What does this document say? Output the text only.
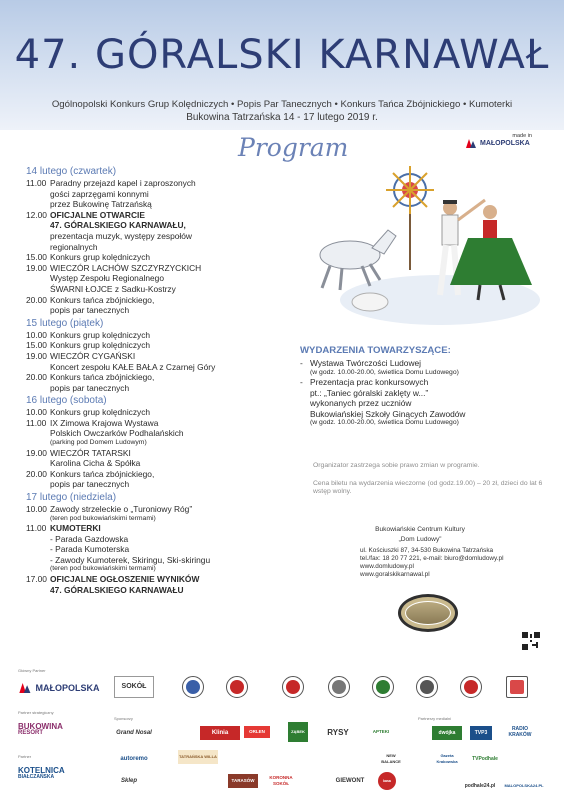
47. GÓRALSKI KARNAWAŁ
Ogólnopolski Konkurs Grup Kolędniczych • Popis Par Tanecznych • Konkurs Tańca Zbójnickiego • Kumoterki
Bukowina Tatrzańska 14 - 17 lutego 2019 r.
Program	made in
MAŁOPOLSKA
14 lutego (czwartek)
11.00 Paradny przejazd kapel i zaproszonych
gości zaprzęgami konnymi
przez Bukowinę Tatrzańską
12.00 OFICJALNE OTWARCIE
47. GÓRALSKIEGO KARNAWAŁU,
prezentacja muzyk, występy zespołów
regionalnych
15.00 Konkurs grup kolędniczych
19.00 WIECZÓR LACHÓW SZCZYRZYCKICH
Występ Zespołu Regionalnego
ŚWARNI ŁOJCE z Sadku-Kostrzy
20.00 Konkurs tańca zbójnickiego,
popis par tanecznych
15 lutego (piątek)
10.00 Konkurs grup kolędniczych
15.00 Konkurs grup kolędniczych
19.00 WIECZÓR CYGAŃSKI
Koncert zespołu KAŁE BAŁA z Czarnej Góry
20.00 Konkurs tańca zbójnickiego,
popis par tanecznych
16 lutego (sobota)
10.00 Konkurs grup kolędniczych
11.00 IX Zimowa Krajowa Wystawa
Polskich Owczarków Podhalańskich
(parking pod Domem Ludowym)
19.00 WIECZÓR TATARSKI
Karolina Cicha & Spółka
20.00 Konkurs tańca zbójnickiego,
popis par tanecznych
17 lutego (niedziela)
10.00 Zawody strzeleckie o „Turoniowy Róg”
(teren pod bukowiańskimi termami)
11.00 KUMOTERKI
- Parada Gazdowska
- Parada Kumoterska
- Zawody Kumoterek, Skiringu, Ski-skiringu
(teren pod bukowiańskimi termami)
17.00 OFICJALNE OGŁOSZENIE WYNIKÓW
47. GÓRALSKIEGO KARNAWAŁU
WYDARZENIA TOWARZYSZĄCE:
- Wystawa Twórczości Ludowej
(w godz. 10.00-20.00, świetlica Domu Ludowego)
- Prezentacja prac konkursowych
pt.: „Taniec góralski zaklęty w...”
wykonanych przez uczniów
Bukowiańskiej Szkoły Ginących Zawodów
(w godz. 10.00-20.00, świetlica Domu Ludowego)

Organizator zastrzega sobie prawo zmian w programie.

Cena biletu na wydarzenia wieczorne (od godz.19.00) – 20 zł, dzieci do lat 6 wstęp wolny.

Bukowiańskie Centrum Kultury
„Dom Ludowy”
ul. Kościuszki 87, 34-530 Bukowina Tatrzańska
tel./fax: 18 20 77 221, e-mail: biuro@domludowy.pl
www.domludowy.pl
www.goralskikarnawal.pl
Główny Partner
MAŁOPOLSKA	SOKÓŁ
Partner strategiczny
BUKOWINA
RESORT
Partner
KOTELNICA
BIAŁCZAŃSKA
Sponsorzy
Grand Nosal	Klinia	ORLEN	ZĄBEK	RYSY	APTEKI
autoremo	TATRAŃSKA WILLA
Sklep	TARASÓW
KORONNA SOKÓŁ	GIEWONT	kasa
NEW BALANCE
Partnerzy medialni
dwójka	TVP3
RADIO KRAKÓW
Gazeta Krakowska	TVPodhale
podhale24.pl MALOPOLSKA24.PL
